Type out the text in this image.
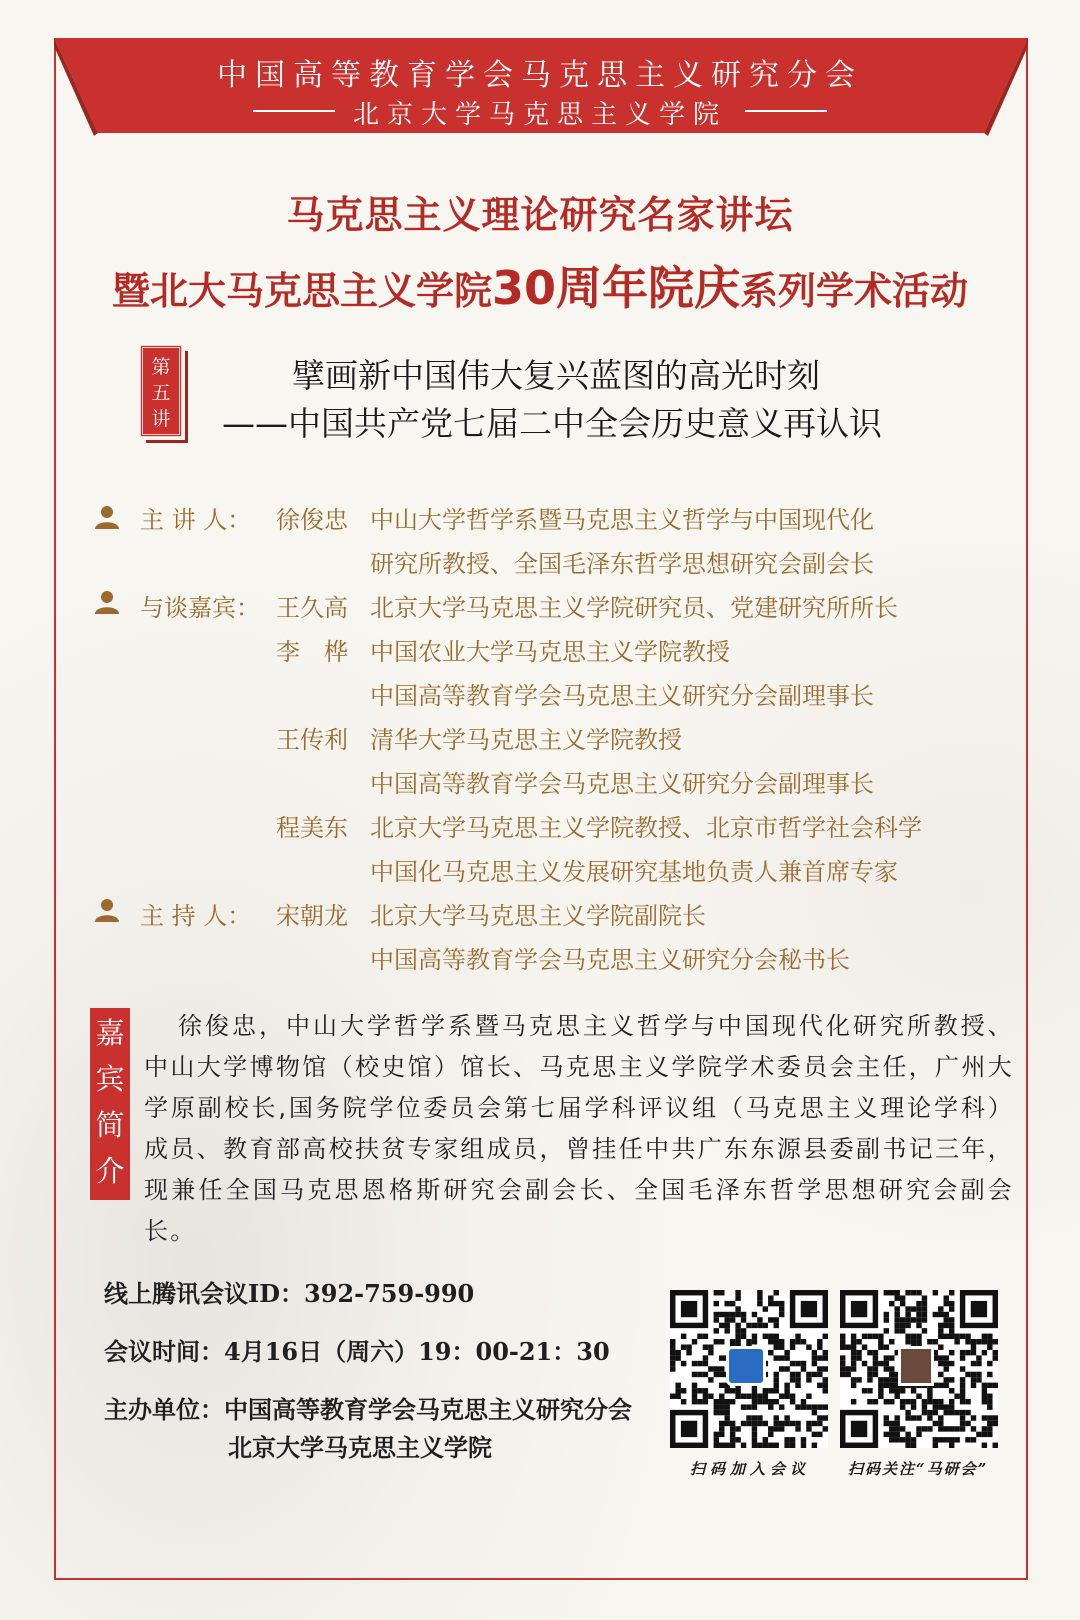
中国高等教育学会马克思主义研究分会
北京大学马克思主义学院
马克思主义理论研究名家讲坛
暨北大马克思主义学院30周年院庆系列学术活动
第
五
讲
擘画新中国伟大复兴蓝图的高光时刻
——中国共产党七届二中全会历史意义再认识
主 讲 人： 徐俊忠 中山大学哲学系暨马克思主义哲学与中国现代化
研究所教授、全国毛泽东哲学思想研究会副会长
与谈嘉宾： 王久高 北京大学马克思主义学院研究员、党建研究所所长
李　桦 中国农业大学马克思主义学院教授
中国高等教育学会马克思主义研究分会副理事长
王传利 清华大学马克思主义学院教授
中国高等教育学会马克思主义研究分会副理事长
程美东 北京大学马克思主义学院教授、北京市哲学社会科学
中国化马克思主义发展研究基地负责人兼首席专家
主 持 人： 宋朝龙 北京大学马克思主义学院副院长
中国高等教育学会马克思主义研究分会秘书长
嘉
宾
简
介
徐俊忠，中山大学哲学系暨马克思主义哲学与中国现代化研究所教授、中山大学博物馆（校史馆）馆长、马克思主义学院学术委员会主任，广州大学原副校长,国务院学位委员会第七届学科评议组（马克思主义理论学科）成员、教育部高校扶贫专家组成员，曾挂任中共广东东源县委副书记三年，现兼任全国马克思恩格斯研究会副会长、全国毛泽东哲学思想研究会副会长。
线上腾讯会议ID：392-759-990
会议时间：4月16日（周六）19：00-21：30
主办单位：中国高等教育学会马克思主义研究分会
北京大学马克思主义学院
扫码加入会议	扫码关注“马研会”
